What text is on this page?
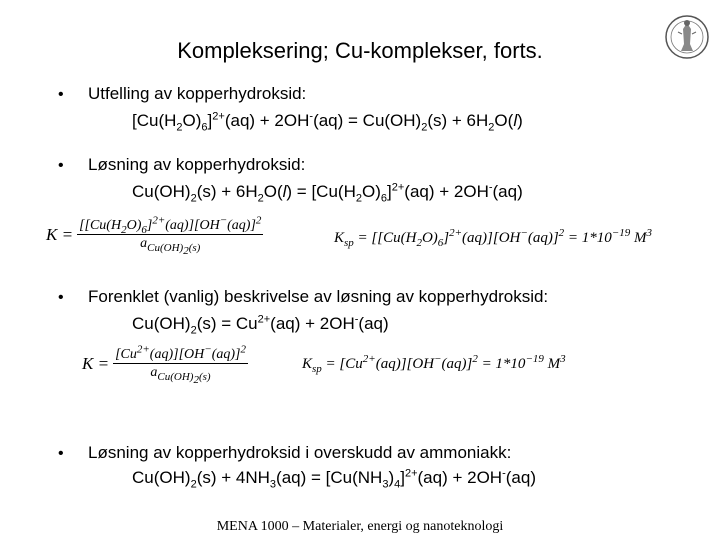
Kompleksering; Cu-komplekser, forts.
• Utfelling av kopperhydroksid:
$[Cu(H_2O)_6]^{2+}(aq) + 2OH^-(aq) = Cu(OH)_2(s) + 6H_2O(l)$
• Løsning av kopperhydroksid:
$Cu(OH)_2(s) + 6H_2O(l) = [Cu(H_2O)_6]^{2+}(aq) + 2OH^-(aq)$
$K = \frac{[[Cu(H_2O)_6]^{2+}(aq)][OH^-(aq)]^2}{a_{Cu(OH)_2(s)}}$	$K_{sp} = [[Cu(H_2O)_6]^{2+}(aq)][OH^-(aq)]^2 = 1*10^{-19}$ $M^3$
• Forenklet (vanlig) beskrivelse av løsning av kopperhydroksid:
$Cu(OH)_2(s) = Cu^{2+}(aq) + 2OH^-(aq)$
$K = \frac{[Cu^{2+}(aq)][OH^-(aq)]^2}{a_{Cu(OH)_2(s)}}$	$K_{sp} = [Cu^{2+}(aq)][OH^-(aq)]^2 = 1*10^{-19}$ $M^3$
• Løsning av kopperhydroksid i overskudd av ammoniakk:
$Cu(OH)_2(s) + 4NH_3(aq) = [Cu(NH_3)_4]^{2+}(aq) + 2OH^-(aq)$
MENA 1000 – Materialer, energi og nanoteknologi
